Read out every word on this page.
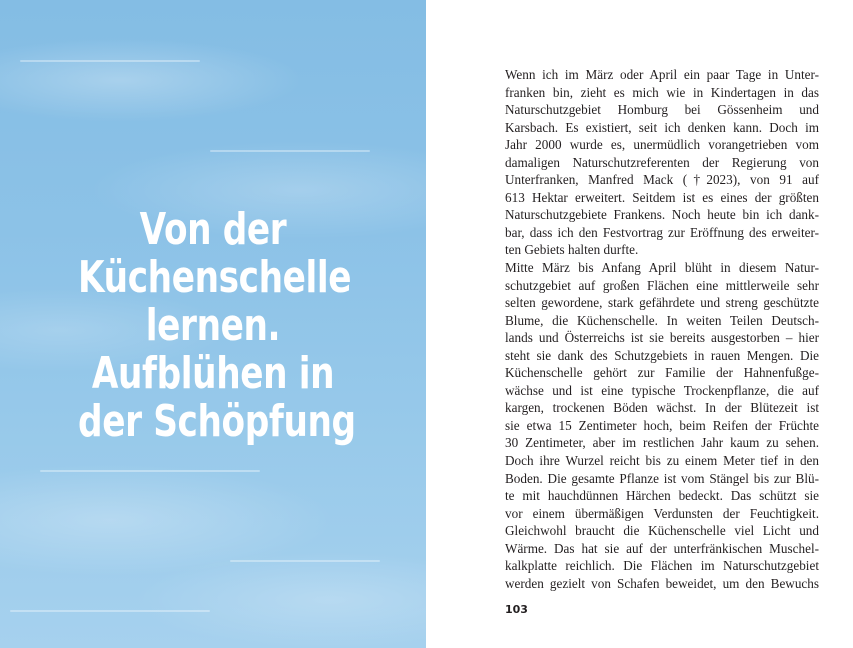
Von der
Küchenschelle
lernen.
Aufblühen in
der Schöpfung
Wenn ich im März oder April ein paar Tage in Unter-
franken bin, zieht es mich wie in Kindertagen in das
Naturschutzgebiet Homburg bei Gössenheim und
Karsbach. Es existiert, seit ich denken kann. Doch im
Jahr 2000 wurde es, unermüdlich vorangetrieben vom
damaligen Naturschutzreferenten der Regierung von
Unterfranken, Manfred Mack (†2023), von 91 auf
613 Hektar erweitert. Seitdem ist es eines der größten
Naturschutzgebiete Frankens. Noch heute bin ich dank-
bar, dass ich den Festvortrag zur Eröffnung des erweiter-
ten Gebiets halten durfte.
Mitte März bis Anfang April blüht in diesem Natur-
schutzgebiet auf großen Flächen eine mittlerweile sehr
selten gewordene, stark gefährdete und streng geschützte
Blume, die Küchenschelle. In weiten Teilen Deutsch-
lands und Österreichs ist sie bereits ausgestorben – hier
steht sie dank des Schutzgebiets in rauen Mengen. Die
Küchenschelle gehört zur Familie der Hahnenfußge-
wächse und ist eine typische Trockenpflanze, die auf
kargen, trockenen Böden wächst. In der Blütezeit ist
sie etwa 15 Zentimeter hoch, beim Reifen der Früchte
30 Zentimeter, aber im restlichen Jahr kaum zu sehen.
Doch ihre Wurzel reicht bis zu einem Meter tief in den
Boden. Die gesamte Pflanze ist vom Stängel bis zur Blü-
te mit hauchdünnen Härchen bedeckt. Das schützt sie
vor einem übermäßigen Verdunsten der Feuchtigkeit.
Gleichwohl braucht die Küchenschelle viel Licht und
Wärme. Das hat sie auf der unterfränkischen Muschel-
kalkplatte reichlich. Die Flächen im Naturschutzgebiet
werden gezielt von Schafen beweidet, um den Bewuchs
103
